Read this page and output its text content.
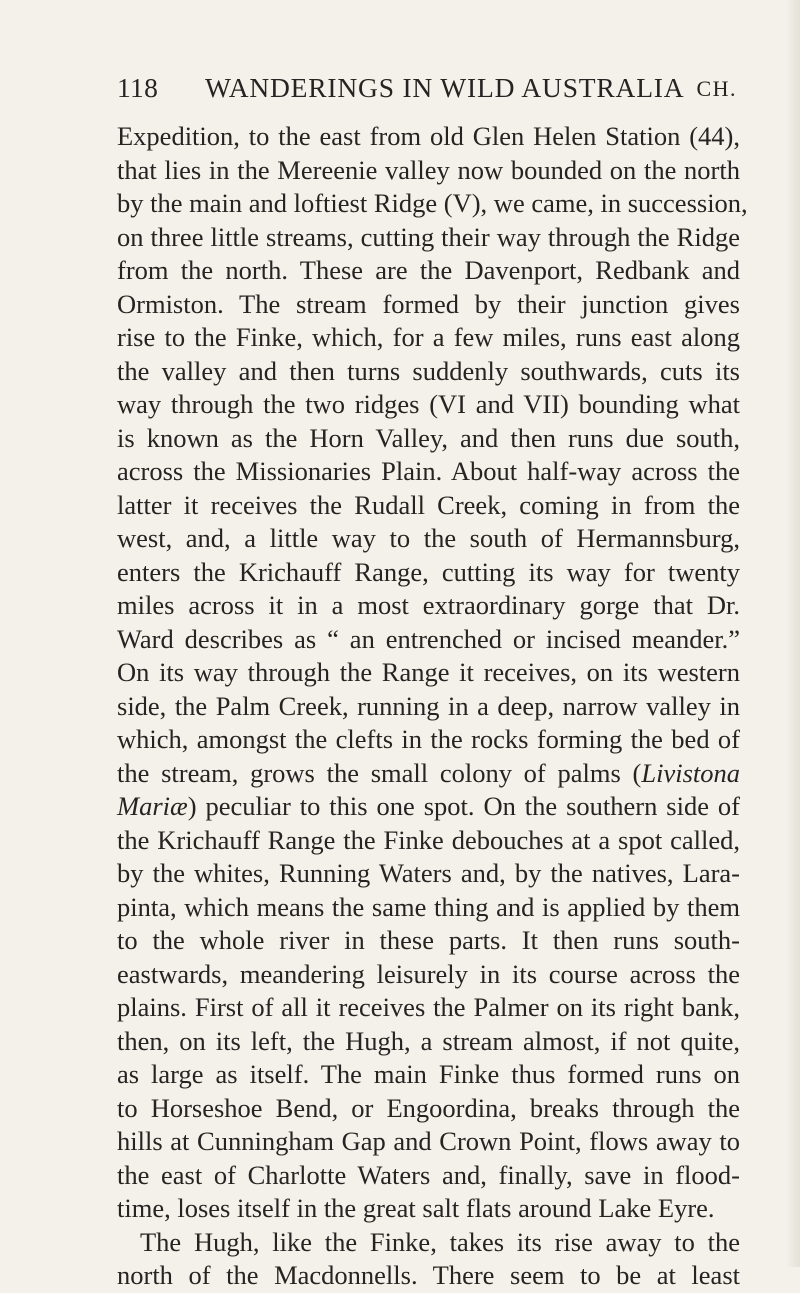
118 WANDERINGS IN WILD AUSTRALIA CH.
Expedition, to the east from old Glen Helen Station (44),
that lies in the Mereenie valley now bounded on the north
by the main and loftiest Ridge (V), we came, in succession,
on three little streams, cutting their way through the Ridge
from the north. These are the Davenport, Redbank and
Ormiston. The stream formed by their junction gives
rise to the Finke, which, for a few miles, runs east along
the valley and then turns suddenly southwards, cuts its
way through the two ridges (VI and VII) bounding what
is known as the Horn Valley, and then runs due south,
across the Missionaries Plain. About half-way across the
latter it receives the Rudall Creek, coming in from the
west, and, a little way to the south of Hermannsburg,
enters the Krichauff Range, cutting its way for twenty
miles across it in a most extraordinary gorge that Dr.
Ward describes as “ an entrenched or incised meander.”
On its way through the Range it receives, on its western
side, the Palm Creek, running in a deep, narrow valley in
which, amongst the clefts in the rocks forming the bed of
the stream, grows the small colony of palms (Livistona
Mariæ) peculiar to this one spot. On the southern side of
the Krichauff Range the Finke debouches at a spot called,
by the whites, Running Waters and, by the natives, Lara-
pinta, which means the same thing and is applied by them
to the whole river in these parts. It then runs south-
eastwards, meandering leisurely in its course across the
plains. First of all it receives the Palmer on its right bank,
then, on its left, the Hugh, a stream almost, if not quite,
as large as itself. The main Finke thus formed runs on
to Horseshoe Bend, or Engoordina, breaks through the
hills at Cunningham Gap and Crown Point, flows away to
the east of Charlotte Waters and, finally, save in flood-
time, loses itself in the great salt flats around Lake Eyre.
The Hugh, like the Finke, takes its rise away to the
north of the Macdonnells. There seem to be at least
